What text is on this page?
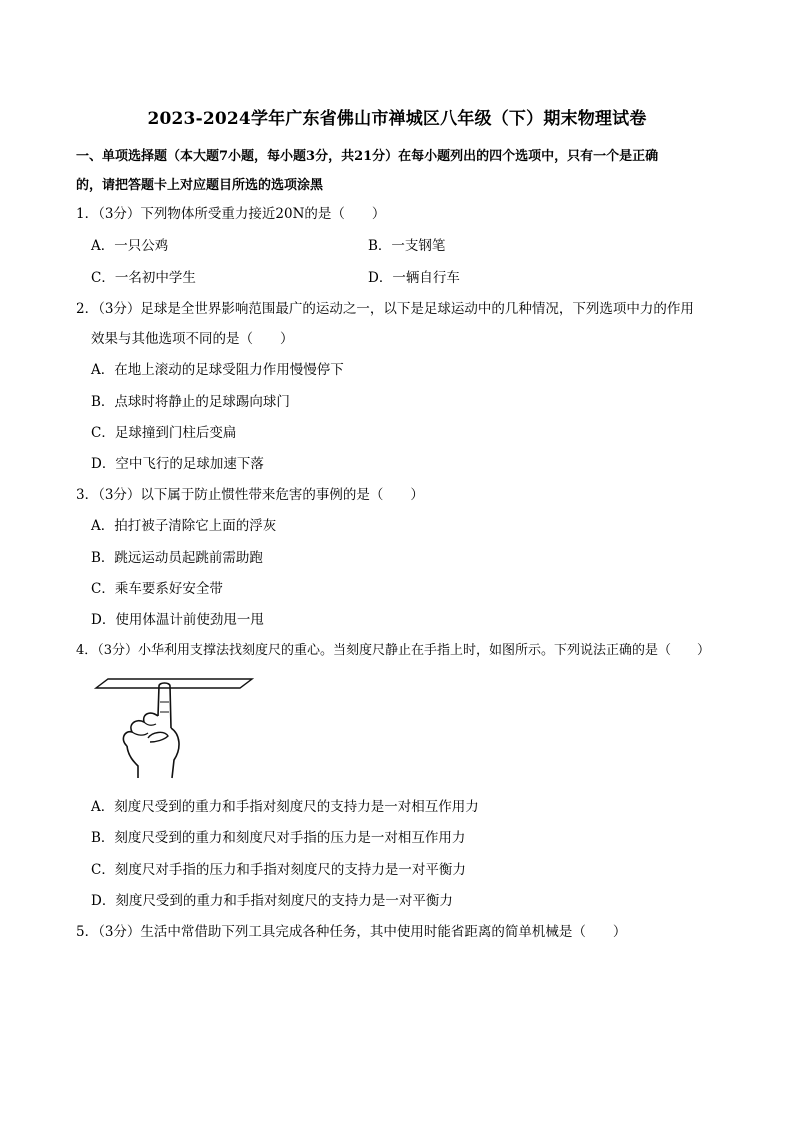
2023-2024学年广东省佛山市禅城区八年级（下）期末物理试卷
一、单项选择题（本大题7小题，每小题3分，共21分）在每小题列出的四个选项中，只有一个是正确
的，请把答题卡上对应题目所选的选项涂黑
1．（3分）下列物体所受重力接近20N的是（　　）
A．一只公鸡	B．一支钢笔
C．一名初中学生	D．一辆自行车
2．（3分）足球是全世界影响范围最广的运动之一，以下是足球运动中的几种情况，下列选项中力的作用
效果与其他选项不同的是（　　）
A．在地上滚动的足球受阻力作用慢慢停下
B．点球时将静止的足球踢向球门
C．足球撞到门柱后变扁
D．空中飞行的足球加速下落
3．（3分）以下属于防止惯性带来危害的事例的是（　　）
A．拍打被子清除它上面的浮灰
B．跳远运动员起跳前需助跑
C．乘车要系好安全带
D．使用体温计前使劲甩一甩
4．（3分）小华利用支撑法找刻度尺的重心。当刻度尺静止在手指上时，如图所示。下列说法正确的是（　　）
A．刻度尺受到的重力和手指对刻度尺的支持力是一对相互作用力
B．刻度尺受到的重力和刻度尺对手指的压力是一对相互作用力
C．刻度尺对手指的压力和手指对刻度尺的支持力是一对平衡力
D．刻度尺受到的重力和手指对刻度尺的支持力是一对平衡力
5．（3分）生活中常借助下列工具完成各种任务，其中使用时能省距离的简单机械是（　　）
